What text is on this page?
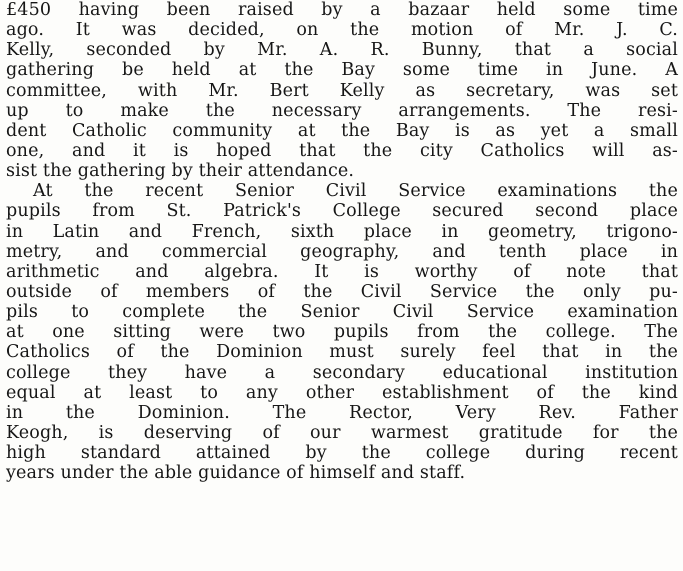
£450 having been raised by a bazaar held some time
ago. It was decided, on the motion of Mr. J. C.
Kelly, seconded by Mr. A. R. Bunny, that a social
gathering be held at the Bay some time in June. A
committee, with Mr. Bert Kelly as secretary, was set
up to make the necessary arrangements. The resi-
dent Catholic community at the Bay is as yet a small
one, and it is hoped that the city Catholics will as-
sist the gathering by their attendance.
At the recent Senior Civil Service examinations the
pupils from St. Patrick's College secured second place
in Latin and French, sixth place in geometry, trigono-
metry, and commercial geography, and tenth place in
arithmetic and algebra. It is worthy of note that
outside of members of the Civil Service the only pu-
pils to complete the Senior Civil Service examination
at one sitting were two pupils from the college. The
Catholics of the Dominion must surely feel that in the
college they have a secondary educational institution
equal at least to any other establishment of the kind
in the Dominion. The Rector, Very Rev. Father
Keogh, is deserving of our warmest gratitude for the
high standard attained by the college during recent
years under the able guidance of himself and staff.
